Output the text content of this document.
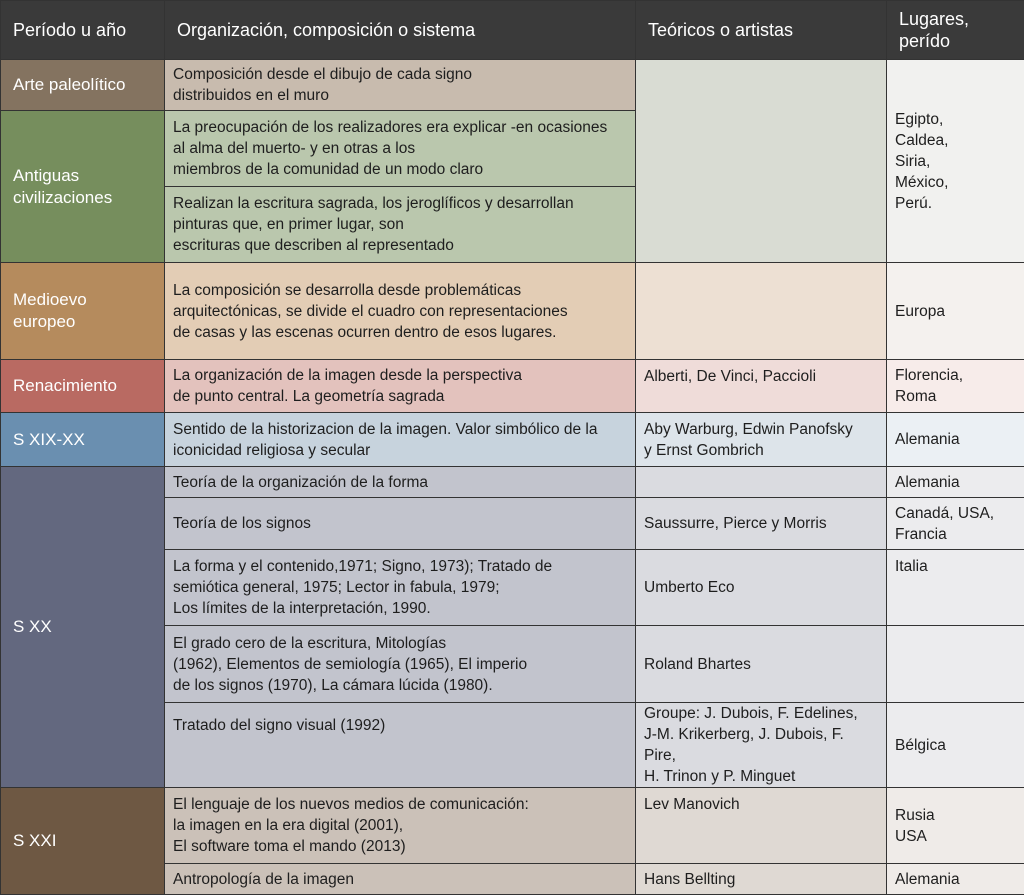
Período u año	Organización, composición o sistema	Teóricos o artistas	Lugares,
perído
Arte paleolítico	Composición desde el dibujo de cada signo
distribuidos en el muro		Egipto,
Caldea,
Siria,
México,
Perú.
Antiguas
civilizaciones	La preocupación de los realizadores era explicar -en ocasiones
al alma del muerto- y en otras a los
miembros de la comunidad de un modo claro		
	Realizan la escritura sagrada, los jeroglíficos y desarrollan
pinturas que, en primer lugar, son
escrituras que describen al representado		
Medioevo
europeo	La composición se desarrolla desde problemáticas
arquitectónicas, se divide el cuadro con representaciones
de casas y las escenas ocurren dentro de esos lugares.		Europa
Renacimiento	La organización de la imagen desde la perspectiva
de punto central. La geometría sagrada	Alberti, De Vinci, Paccioli	Florencia,
Roma
S XIX-XX	Sentido de la historizacion de la imagen. Valor simbólico de la
iconicidad religiosa y secular	Aby Warburg, Edwin Panofsky
y Ernst Gombrich	Alemania
S XX	Teoría de la organización de la forma		Alemania
	Teoría de los signos	Saussurre, Pierce y Morris	Canadá, USA,
Francia
	La forma y el contenido,1971; Signo, 1973); Tratado de
semiótica general, 1975; Lector in fabula, 1979;
Los límites de la interpretación, 1990.	Umberto Eco	Italia
	El grado cero de la escritura, Mitologías
(1962), Elementos de semiología (1965), El imperio
de los signos (1970), La cámara lúcida (1980).	Roland Bhartes	
	Tratado del signo visual (1992)	Groupe: J. Dubois, F. Edelines,
J-M. Krikerberg, J. Dubois, F. Pire,
H. Trinon y P. Minguet	Bélgica
S XXI	El lenguaje de los nuevos medios de comunicación:
la imagen en la era digital (2001),
El software toma el mando (2013)	Lev Manovich	Rusia
USA
	Antropología de la imagen	Hans Bellting	Alemania
